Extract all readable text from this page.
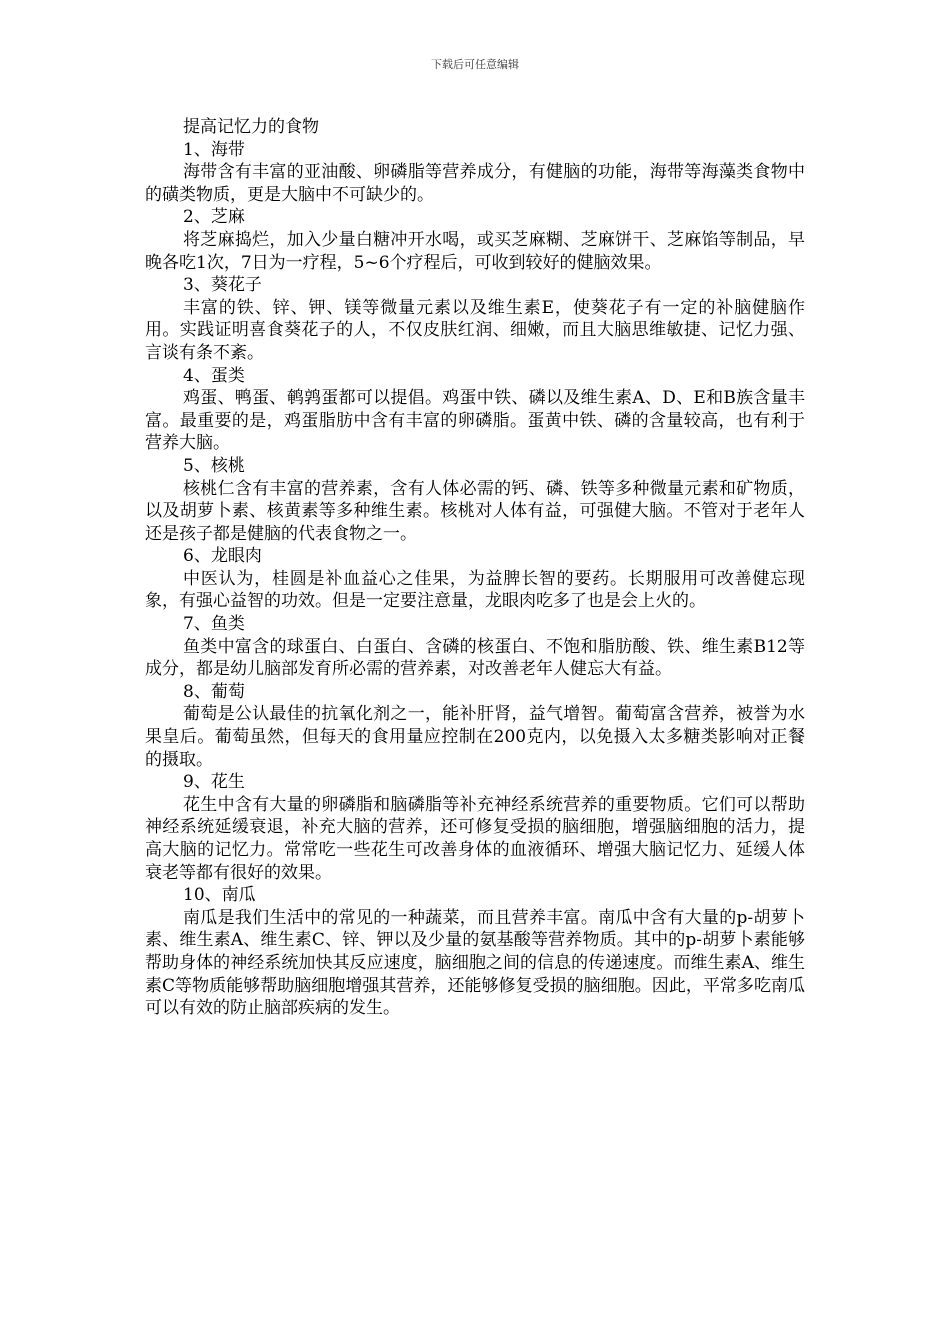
下载后可任意编辑

提高记忆力的食物

1、海带

海带含有丰富的亚油酸、卵磷脂等营养成分，有健脑的功能，海带等海藻类食物中的磺类物质，更是大脑中不可缺少的。

2、芝麻

将芝麻捣烂，加入少量白糖冲开水喝，或买芝麻糊、芝麻饼干、芝麻馅等制品，早晚各吃1次，7日为一疗程，5~6个疗程后，可收到较好的健脑效果。

3、葵花子

丰富的铁、锌、钾、镁等微量元素以及维生素E，使葵花子有一定的补脑健脑作用。实践证明喜食葵花子的人，不仅皮肤红润、细嫩，而且大脑思维敏捷、记忆力强、言谈有条不紊。

4、蛋类

鸡蛋、鸭蛋、鹌鹑蛋都可以提倡。鸡蛋中铁、磷以及维生素A、D、E和B族含量丰富。最重要的是，鸡蛋脂肪中含有丰富的卵磷脂。蛋黄中铁、磷的含量较高，也有利于营养大脑。

5、核桃

核桃仁含有丰富的营养素，含有人体必需的钙、磷、铁等多种微量元素和矿物质，以及胡萝卜素、核黄素等多种维生素。核桃对人体有益，可强健大脑。不管对于老年人还是孩子都是健脑的代表食物之一。

6、龙眼肉

中医认为，桂圆是补血益心之佳果，为益脾长智的要药。长期服用可改善健忘现象，有强心益智的功效。但是一定要注意量，龙眼肉吃多了也是会上火的。

7、鱼类

鱼类中富含的球蛋白、白蛋白、含磷的核蛋白、不饱和脂肪酸、铁、维生素B12等成分，都是幼儿脑部发育所必需的营养素，对改善老年人健忘大有益。

8、葡萄

葡萄是公认最佳的抗氧化剂之一，能补肝肾，益气增智。葡萄富含营养，被誉为水果皇后。葡萄虽然，但每天的食用量应控制在200克内，以免摄入太多糖类影响对正餐的摄取。

9、花生

花生中含有大量的卵磷脂和脑磷脂等补充神经系统营养的重要物质。它们可以帮助神经系统延缓衰退，补充大脑的营养，还可修复受损的脑细胞，增强脑细胞的活力，提高大脑的记忆力。常常吃一些花生可改善身体的血液循环、增强大脑记忆力、延缓人体衰老等都有很好的效果。

10、南瓜

南瓜是我们生活中的常见的一种蔬菜，而且营养丰富。南瓜中含有大量的p-胡萝卜素、维生素A、维生素C、锌、钾以及少量的氨基酸等营养物质。其中的p-胡萝卜素能够帮助身体的神经系统加快其反应速度，脑细胞之间的信息的传递速度。而维生素A、维生素C等物质能够帮助脑细胞增强其营养，还能够修复受损的脑细胞。因此，平常多吃南瓜可以有效的防止脑部疾病的发生。
